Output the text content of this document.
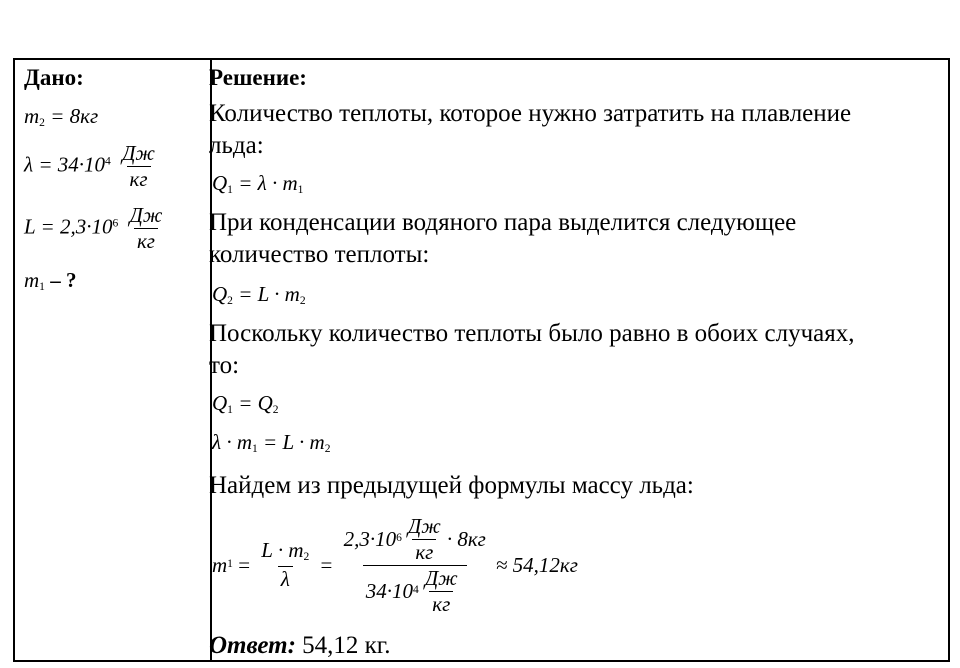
Дано:
$m_2 = 8кг$
$\lambda = 34\cdot 10^4 \frac{Дж}{кг}$
$L = 2,3\cdot 10^6 \frac{Дж}{кг}$
$m_1$ – ?
Решение:
Количество теплоты, которое нужно затратить на плавление
льда:
$Q_1 = \lambda \cdot m_1$
При конденсации водяного пара выделится следующее
количество теплоты:
$Q_2 = L \cdot m_2$
Поскольку количество теплоты было равно в обоих случаях,
то:
$Q_1 = Q_2$
$\lambda \cdot m_1 = L \cdot m_2$
Найдем из предыдущей формулы массу льда:
m $1 = \frac{L \cdot m_2}{\lambda} = \frac{2,3\cdot 10 6 \frac{Дж}{кг} \cdot 8кг}{34\cdot 10 4 \frac{Дж}{кг}} \approx 54,12кг$
Ответ: 54,12 кг.
